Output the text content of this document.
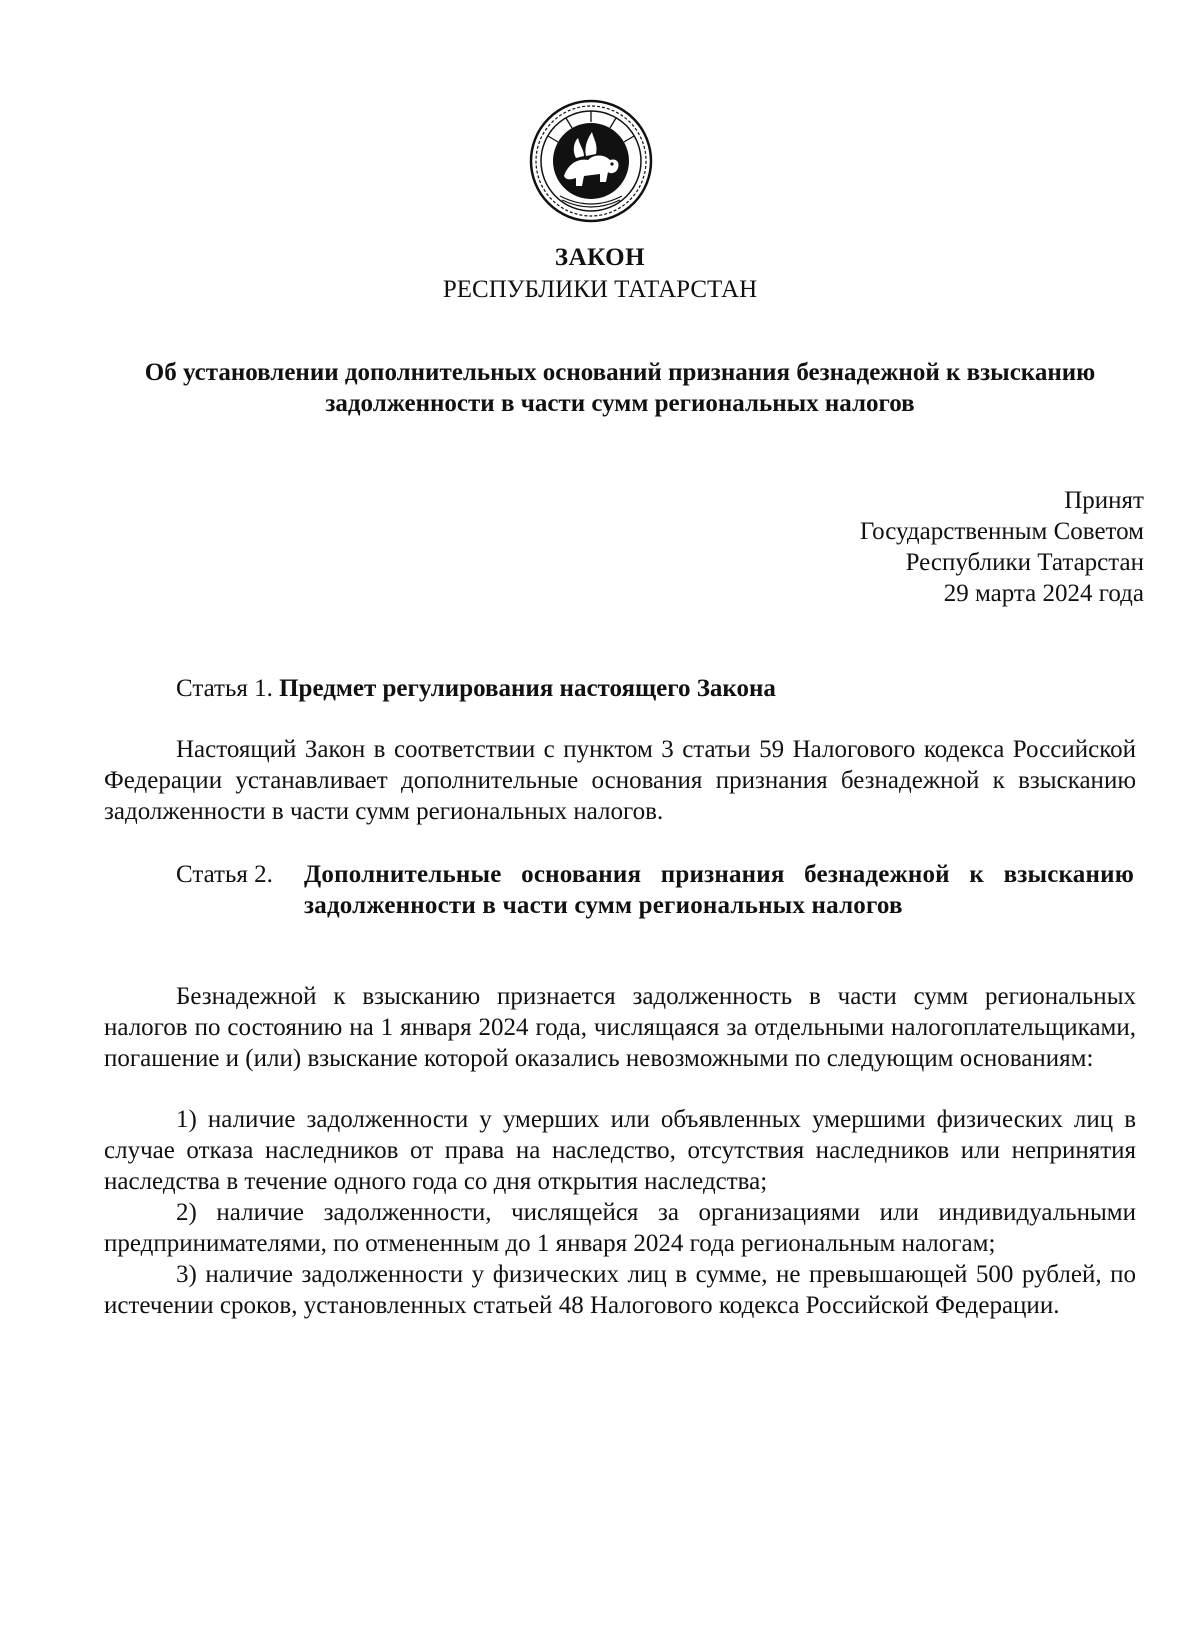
ЗАКОН
РЕСПУБЛИКИ ТАТАРСТАН
Об установлении дополнительных оснований признания безнадежной к взысканию задолженности в части сумм региональных налогов
Принят
Государственным Советом
Республики Татарстан
29 марта 2024 года
Статья 1. Предмет регулирования настоящего Закона
Настоящий Закон в соответствии с пунктом 3 статьи 59 Налогового кодекса Российской Федерации устанавливает дополнительные основания признания безнадежной к взысканию задолженности в части сумм региональных налогов.
Статья 2. Дополнительные основания признания безнадежной к взысканию задолженности в части сумм региональных налогов
Безнадежной к взысканию признается задолженность в части сумм региональных налогов по состоянию на 1 января 2024 года, числящаяся за отдельными налогоплательщиками, погашение и (или) взыскание которой оказались невозможными по следующим основаниям:

1) наличие задолженности у умерших или объявленных умершими физических лиц в случае отказа наследников от права на наследство, отсутствия наследников или непринятия наследства в течение одного года со дня открытия наследства;

2) наличие задолженности, числящейся за организациями или индивидуальными предпринимателями, по отмененным до 1 января 2024 года региональным налогам;

3) наличие задолженности у физических лиц в сумме, не превышающей 500 рублей, по истечении сроков, установленных статьей 48 Налогового кодекса Российской Федерации.
